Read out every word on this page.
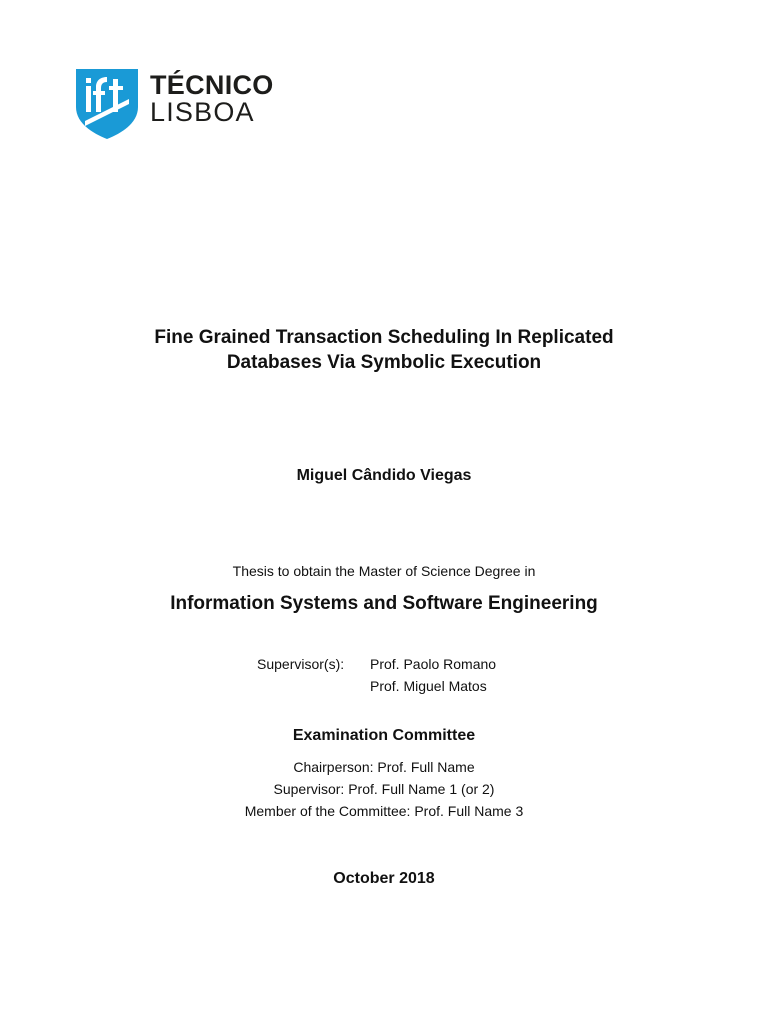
TÉCNICO
LISBOA
Fine Grained Transaction Scheduling In Replicated
Databases Via Symbolic Execution
Miguel Cândido Viegas
Thesis to obtain the Master of Science Degree in
Information Systems and Software Engineering
Supervisor(s): Prof. Paolo Romano
Prof. Miguel Matos
Examination Committee
Chairperson: Prof. Full Name
Supervisor: Prof. Full Name 1 (or 2)
Member of the Committee: Prof. Full Name 3
October 2018
